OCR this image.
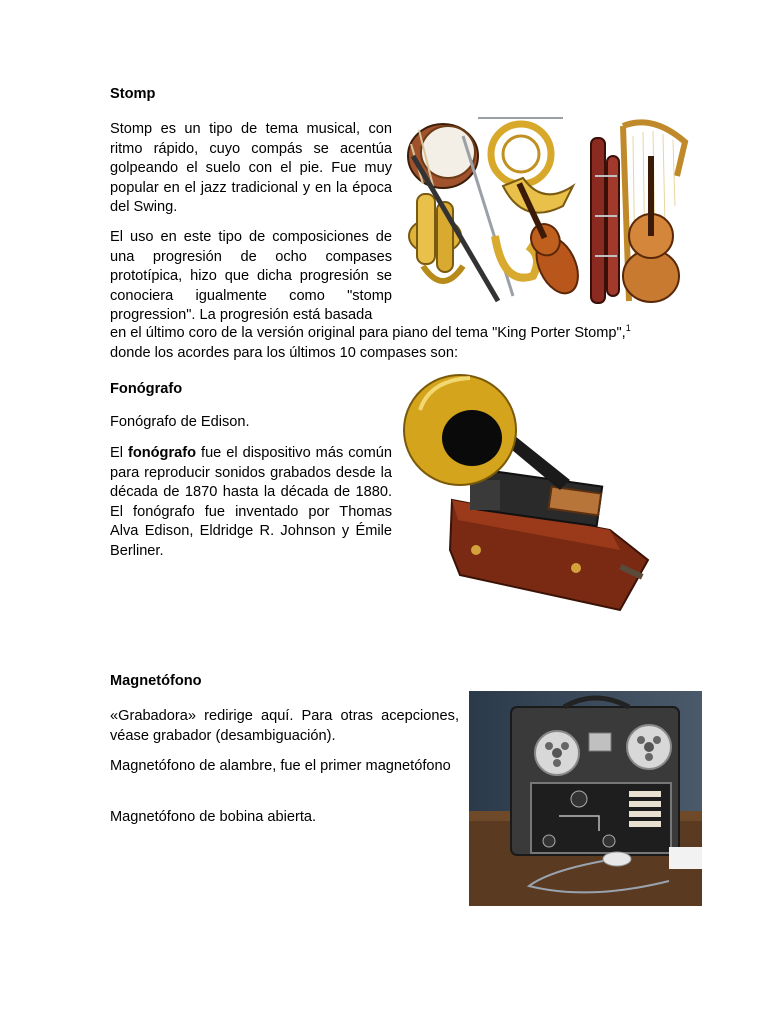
Stomp

Stomp es un tipo de tema musical, con ritmo rápido, cuyo compás se acentúa golpeando el suelo con el pie. Fue muy popular en el jazz tradicional y en la época del Swing.

El uso en este tipo de composiciones de una progresión de ocho compases prototípica, hizo que dicha progresión se conociera igualmente como "stomp progression". La progresión está basada

en el último coro de la versión original para piano del tema "King Porter Stomp",$^1$

donde los acordes para los últimos 10 compases son:

Fonógrafo

Fonógrafo de Edison.

El fonógrafo fue el dispositivo más común para reproducir sonidos grabados desde la década de 1870 hasta la década de 1880. El fonógrafo fue inventado por Thomas Alva Edison, Eldridge R. Johnson y Émile Berliner.

Magnetófono

«Grabadora» redirige aquí. Para otras acepciones, véase grabador (desambiguación).

Magnetófono de alambre, fue el primer magnetófono

Magnetófono de bobina abierta.
